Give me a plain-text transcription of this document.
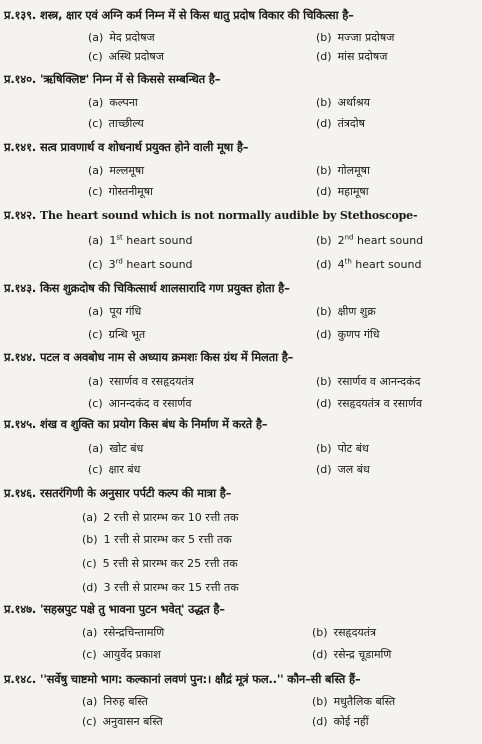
प्र.१३९. शस्त्र, क्षार एवं अग्नि कर्म निम्न में से किस धातु प्रदोष विकार की चिकित्सा है–
(a) मेद प्रदोषज	(b) मज्जा प्रदोषज
(c) अस्थि प्रदोषज	(d) मांस प्रदोषज
प्र.१४०. 'ऋषिक्लिष्ट' निम्न में से किससे सम्बन्धित है–
(a) कल्पना	(b) अर्थाश्रय
(c) ताच्छील्य	(d) तंत्रदोष
प्र.१४१. सत्व प्रावणार्थ व शोधनार्थ प्रयुक्त होने वाली मूषा है–
(a) मल्लमूषा	(b) गोलमूषा
(c) गोस्तनीमूषा	(d) महामूषा
प्र.१४२. The heart sound which is not normally audible by Stethoscope-
(a) 1st heart sound	(b) 2nd heart sound
(c) 3rd heart sound	(d) 4th heart sound
प्र.१४३. किस शुक्रदोष की चिकित्सार्थ शालसारादि गण प्रयुक्त होता है–
(a) पूय गंधि	(b) क्षीण शुक्र
(c) ग्रन्थि भूत	(d) कुणप गंधि
प्र.१४४. पटल व अवबोध नाम से अध्याय क्रमशः किस ग्रंथ में मिलता है–
(a) रसार्णव व रसहृदयतंत्र	(b) रसार्णव व आनन्दकंद
(c) आनन्दकंद व रसार्णव	(d) रसहृदयतंत्र व रसार्णव
प्र.१४५. शंख व शुक्ति का प्रयोग किस बंध के निर्माण में करते है–
(a) खोट बंध	(b) पोट बंध
(c) क्षार बंध	(d) जल बंध
प्र.१४६. रसतरंगिणी के अनुसार पर्पटी कल्प की मात्रा है–
(a) 2 रत्ती से प्रारम्भ कर 10 रत्ती तक
(b) 1 रत्ती से प्रारम्भ कर 5 रत्ती तक
(c) 5 रत्ती से प्रारम्भ कर 25 रत्ती तक
(d) 3 रत्ती से प्रारम्भ कर 15 रत्ती तक
प्र.१४७. 'सहस्रपुट पक्षे तु भावना पुटन भवेत्' उद्धत है–
(a) रसेन्द्रचिन्तामणि	(b) रसहृदयतंत्र
(c) आयुर्वेद प्रकाश	(d) रसेन्द्र चूडामणि
प्र.१४८. ''सर्वेषु चाष्टमो भाग: कल्कानां लवणं पुन:। क्षौद्रं मूत्रं फल..'' कौन–सी बस्ति हैं–
(a) निरुह बस्ति	(b) मधुतैलिक बस्ति
(c) अनुवासन बस्ति	(d) कोई नहीं
